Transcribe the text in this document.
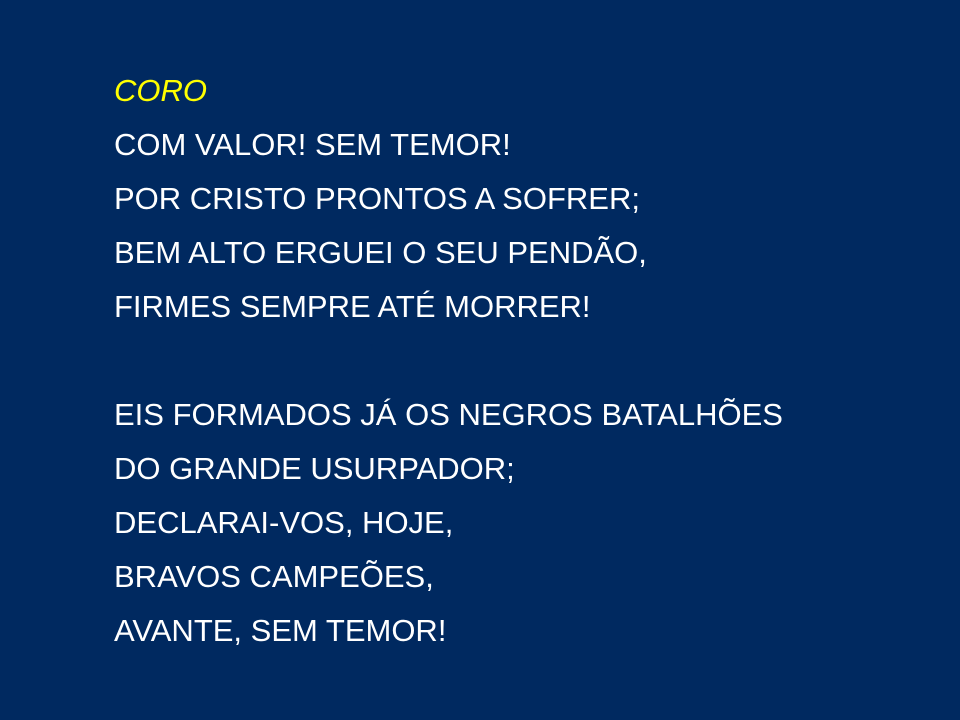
CORO
COM VALOR! SEM TEMOR!
POR CRISTO PRONTOS A SOFRER;
BEM ALTO ERGUEI O SEU PENDÃO,
FIRMES SEMPRE ATÉ MORRER!
EIS FORMADOS JÁ OS NEGROS BATALHÕES
DO GRANDE USURPADOR;
DECLARAI-VOS, HOJE,
BRAVOS CAMPEÕES,
AVANTE, SEM TEMOR!
